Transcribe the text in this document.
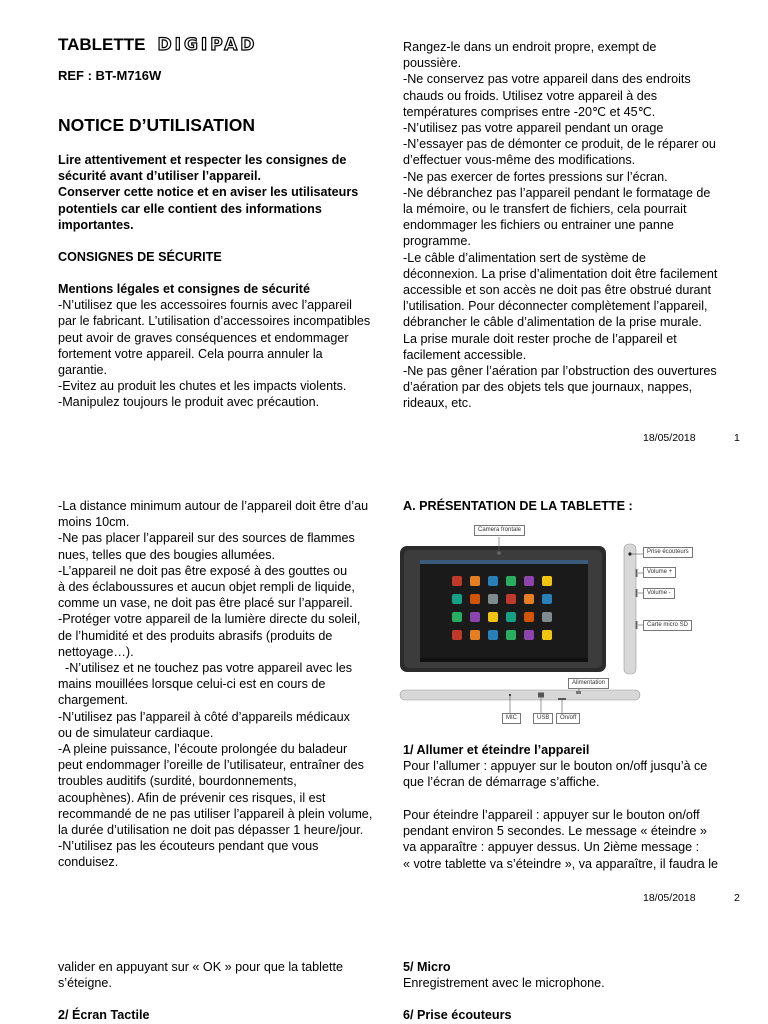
TABLETTE DIGIPAD
REF : BT-M716W
NOTICE D’UTILISATION

Lire attentivement et respecter les consignes de

sécurité avant d’utiliser l’appareil.

Conserver cette notice et en aviser les utilisateurs

potentiels car elle contient des informations

importantes.

CONSIGNES DE SÉCURITE

Mentions légales et consignes de sécurité

-N’utilisez que les accessoires fournis avec l’appareil

par le fabricant. L’utilisation d’accessoires incompatibles

peut avoir de graves conséquences et endommager

fortement votre appareil. Cela pourra annuler la

garantie.

-Evitez au produit les chutes et les impacts violents.

-Manipulez toujours le produit avec précaution.

Rangez-le dans un endroit propre, exempt de

poussière.

-Ne conservez pas votre appareil dans des endroits

chauds ou froids. Utilisez votre appareil à des

températures comprises entre -20℃ et 45℃.

-N’utilisez pas votre appareil pendant un orage

-N’essayer pas de démonter ce produit, de le réparer ou

d’effectuer vous-même des modifications.

-Ne pas exercer de fortes pressions sur l’écran.

-Ne débranchez pas l’appareil pendant le formatage de

la mémoire, ou le transfert de fichiers, cela pourrait

endommager les fichiers ou entrainer une panne

programme.

-Le câble d’alimentation sert de système de

déconnexion. La prise d’alimentation doit être facilement

accessible et son accès ne doit pas être obstrué durant

l’utilisation. Pour déconnecter complètement l’appareil,

débrancher le câble d’alimentation de la prise murale.

La prise murale doit rester proche de l’appareil et

facilement accessible.

-Ne pas gêner l’aération par l’obstruction des ouvertures

d’aération par des objets tels que journaux, nappes,

rideaux, etc.

18/05/2018	1

-La distance minimum autour de l’appareil doit être d’au

moins 10cm.

-Ne pas placer l’appareil sur des sources de flammes

nues, telles que des bougies allumées.

-L’appareil ne doit pas être exposé à des gouttes ou

à des éclaboussures et aucun objet rempli de liquide,

comme un vase, ne doit pas être placé sur l’appareil.

-Protéger votre appareil de la lumière directe du soleil,

de l’humidité et des produits abrasifs (produits de

nettoyage…).

-N’utilisez et ne touchez pas votre appareil avec les

mains mouillées lorsque celui-ci est en cours de

chargement.

-N’utilisez pas l’appareil à côté d’appareils médicaux

ou de simulateur cardiaque.

-A pleine puissance, l’écoute prolongée du baladeur

peut endommager l’oreille de l’utilisateur, entraîner des

troubles auditifs (surdité, bourdonnements,

acouphènes). Afin de prévenir ces risques, il est

recommandé de ne pas utiliser l’appareil à plein volume,

la durée d’utilisation ne doit pas dépasser 1 heure/jour.

-N’utilisez pas les écouteurs pendant que vous

conduisez.

A. PRÉSENTATION DE LA TABLETTE :

Camera frontale
Prise écouteurs
Volume +
Volume -
Carte micro SD
Alimentation
MIC	USB	On/off

1/ Allumer et éteindre l’appareil

Pour l’allumer : appuyer sur le bouton on/off jusqu’à ce

que l’écran de démarrage s’affiche.

Pour éteindre l’appareil : appuyer sur le bouton on/off

pendant environ 5 secondes. Le message « éteindre »

va apparaître : appuyer dessus. Un 2ième message :

« votre tablette va s’éteindre », va apparaître, il faudra le

18/05/2018	2

valider en appuyant sur « OK » pour que la tablette

s’éteigne.

2/ Écran Tactile

5/ Micro

Enregistrement avec le microphone.

6/ Prise écouteurs
